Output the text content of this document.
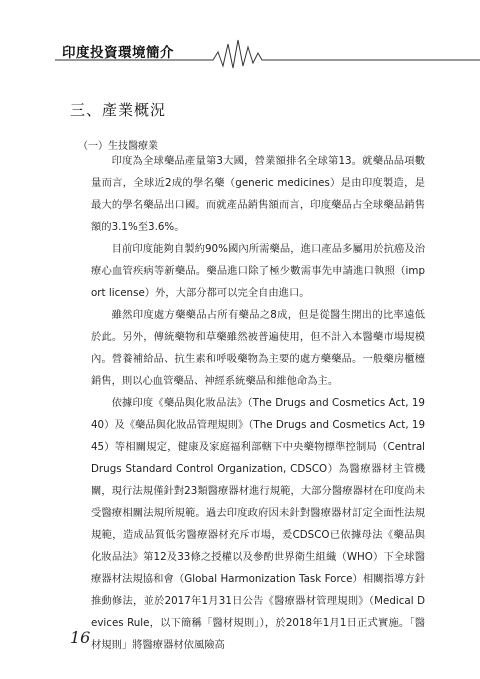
印度投資環境簡介
三、產業概況
（一）生技醫療業

印度為全球藥品產量第3大國，營業額排名全球第13。就藥品品項數量而言，全球近2成的學名藥（generic medicines）是由印度製造，是最大的學名藥品出口國。而就產品銷售額而言，印度藥品占全球藥品銷售額的3.1%至3.6%。

目前印度能夠自製約90%國內所需藥品，進口產品多屬用於抗癌及治療心血管疾病等新藥品。藥品進口除了極少數需事先申請進口執照（import license）外，大部分都可以完全自由進口。

雖然印度處方藥藥品占所有藥品之8成，但是從醫生開出的比率遠低於此。另外，傳統藥物和草藥雖然被普遍使用，但不計入本醫藥市場規模內。營養補給品、抗生素和呼吸藥物為主要的處方藥藥品。一般藥房櫃檯銷售，則以心血管藥品、神經系統藥品和維他命為主。

依據印度《藥品與化妝品法》（The Drugs and Cosmetics Act, 1940）及《藥品與化妝品管理規則》（The Drugs and Cosmetics Act, 1945）等相關規定，健康及家庭福利部轄下中央藥物標準控制局（Central Drugs Standard Control Organization, CDSCO）為醫療器材主管機關，現行法規僅針對23類醫療器材進行規範，大部分醫療器材在印度尚未受醫療相關法規所規範。過去印度政府因未針對醫療器材訂定全面性法規規範，造成品質低劣醫療器材充斥市場，爰CDSCO已依據母法《藥品與化妝品法》第12及33條之授權以及參酌世界衛生組織（WHO）下全球醫療器材法規協和會（Global Harmonization Task Force）相關指導方針推動修法，並於2017年1月31日公告《醫療器材管理規則》（Medical Devices Rule，以下簡稱「醫材規則」），於2018年1月1日正式實施。「醫材規則」將醫療器材依風險高

16
